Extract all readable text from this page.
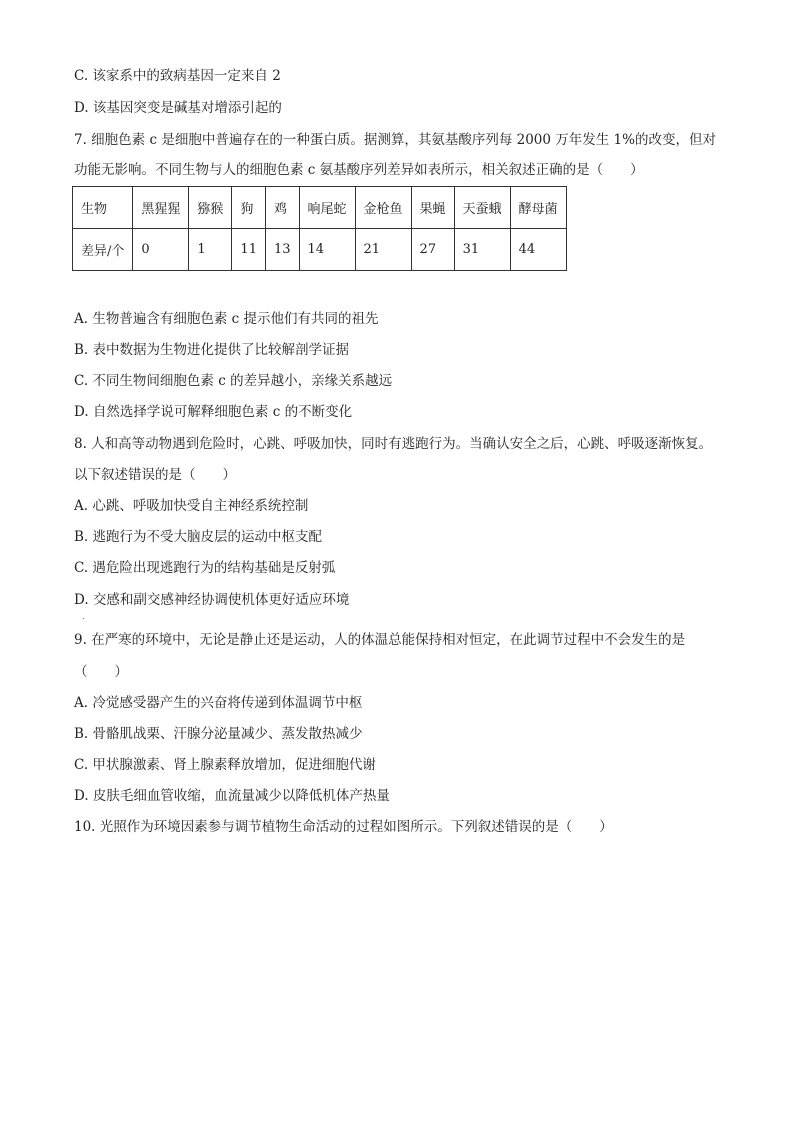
C. 该家系中的致病基因一定来自 2
D. 该基因突变是碱基对增添引起的
7. 细胞色素 c 是细胞中普遍存在的一种蛋白质。据测算，其氨基酸序列每 2000 万年发生 1%的改变，但对
功能无影响。不同生物与人的细胞色素 c 氨基酸序列差异如表所示，相关叙述正确的是（　　）
生物	黑猩猩	猕猴	狗	鸡	响尾蛇	金枪鱼	果蝇	天蚕蛾	酵母菌
差异/个	0	1	11	13	14	21	27	31	44
A. 生物普遍含有细胞色素 c 提示他们有共同的祖先
B. 表中数据为生物进化提供了比较解剖学证据
C. 不同生物间细胞色素 c 的差异越小，亲缘关系越远
D. 自然选择学说可解释细胞色素 c 的不断变化
8. 人和高等动物遇到危险时，心跳、呼吸加快，同时有逃跑行为。当确认安全之后，心跳、呼吸逐渐恢复。
以下叙述错误的是（　　）
A. 心跳、呼吸加快受自主神经系统控制
B. 逃跑行为不受大脑皮层的运动中枢支配
C. 遇危险出现逃跑行为的结构基础是反射弧
D. 交感和副交感神经协调使机体更好适应环境
.
9. 在严寒的环境中，无论是静止还是运动，人的体温总能保持相对恒定，在此调节过程中不会发生的是
（　　）
A. 冷觉感受器产生的兴奋将传递到体温调节中枢
B. 骨骼肌战栗、汗腺分泌量减少、蒸发散热减少
C. 甲状腺激素、肾上腺素释放增加，促进细胞代谢
D. 皮肤毛细血管收缩，血流量减少以降低机体产热量
10. 光照作为环境因素参与调节植物生命活动的过程如图所示。下列叙述错误的是（　　）
